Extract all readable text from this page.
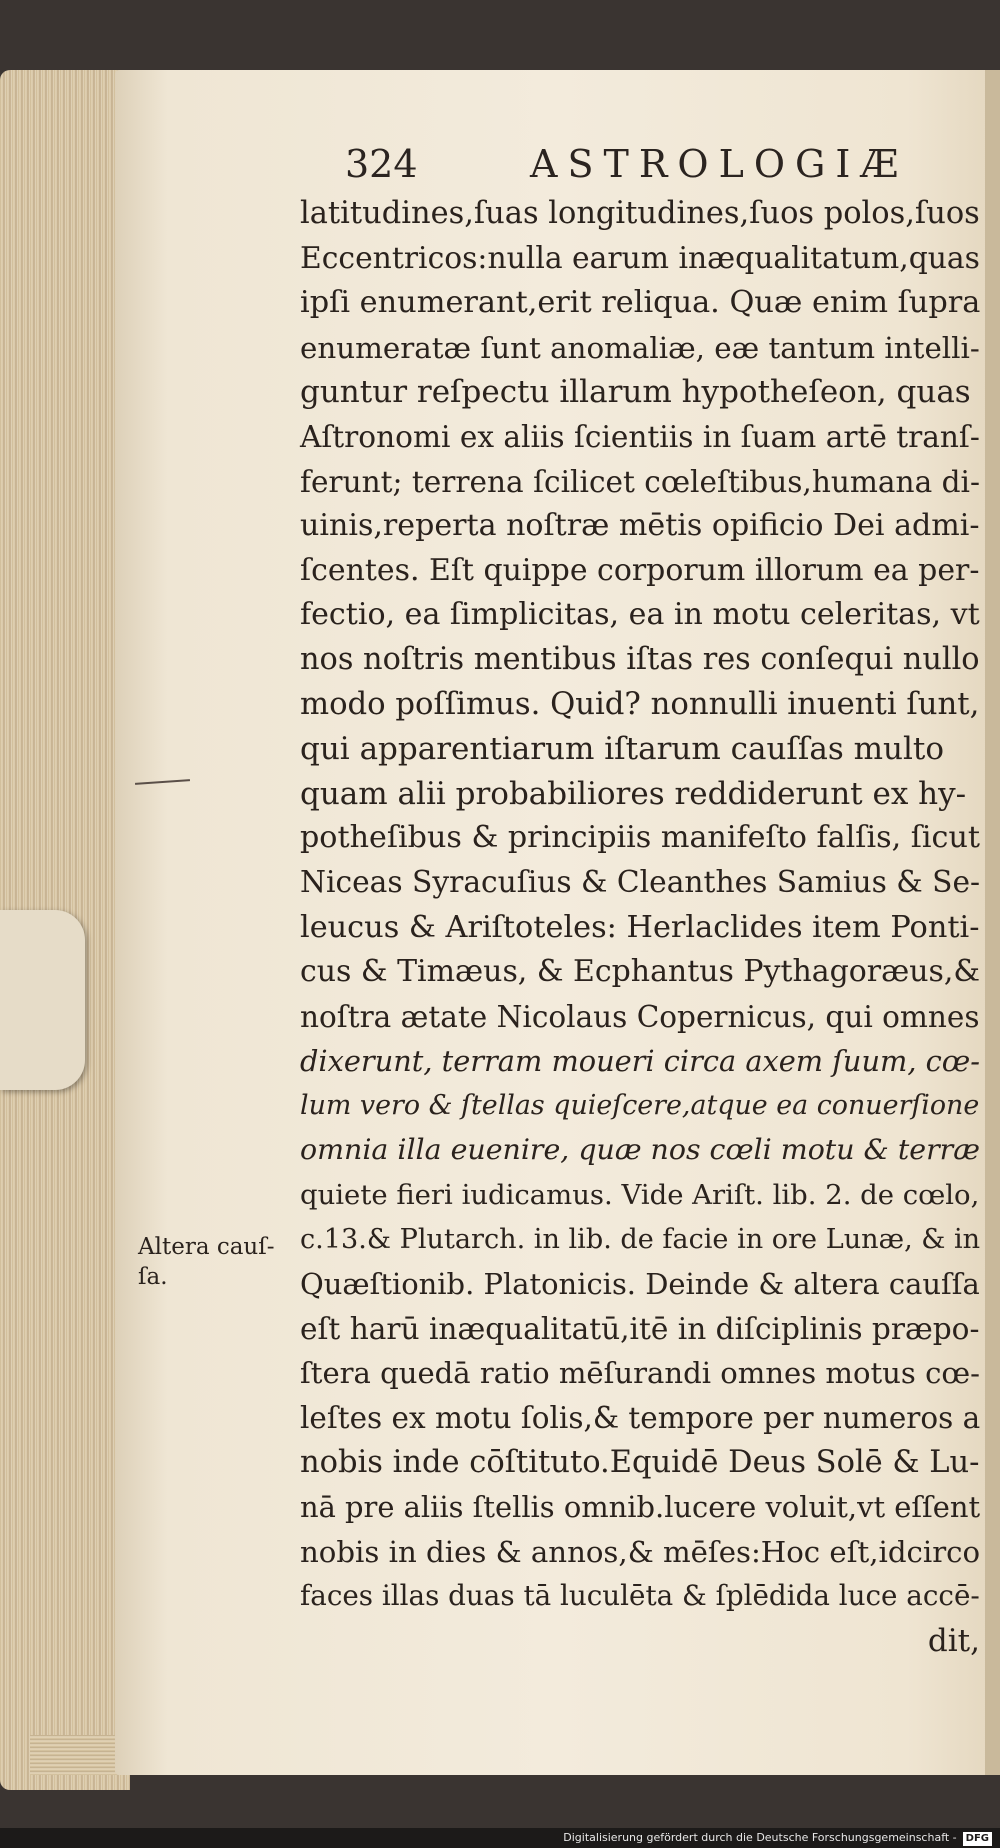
324	ASTROLOGIÆ
latitudines,ſuas longitudines,ſuos polos,ſuos
Eccentricos:nulla earum inæqualitatum,quas
ipſi enumerant,erit reliqua. Quæ enim ſupra
enumeratæ ſunt anomaliæ, eæ tantum intelli-
guntur reſpectu illarum hypotheſeon, quas
Aſtronomi ex aliis ſcientiis in ſuam artē tranſ-
ferunt; terrena ſcilicet cœleſtibus,humana di-
uinis,reperta noſtræ mētis opificio Dei admi-
ſcentes. Eſt quippe corporum illorum ea per-
fectio, ea ſimplicitas, ea in motu celeritas, vt
nos noſtris mentibus iſtas res conſequi nullo
modo poſſimus. Quid? nonnulli inuenti ſunt,
qui apparentiarum iſtarum cauſſas multo
quam alii probabiliores reddiderunt ex hy-
potheſibus & principiis manifeſto falſis, ſicut
Niceas Syracuſius & Cleanthes Samius & Se-
leucus & Ariſtoteles: Herlaclides item Ponti-
cus & Timæus, & Ecphantus Pythagoræus,&
noſtra ætate Nicolaus Copernicus, qui omnes
dixerunt, terram moueri circa axem ſuum, cœ-
lum vero & ſtellas quieſcere,atque ea conuerſione
omnia illa euenire, quæ nos cœli motu & terræ
quiete fieri iudicamus. Vide Ariſt. lib. 2. de cœlo,
c.13.& Plutarch. in lib. de facie in ore Lunæ, & in
Quæſtionib. Platonicis. Deinde & altera cauſſa
eſt harū inæqualitatū,itē in diſciplinis præpo-
ſtera quedā ratio mēſurandi omnes motus cœ-
leſtes ex motu ſolis,& tempore per numeros a
nobis inde cōſtituto.Equidē Deus Solē & Lu-
nā pre aliis ſtellis omnib.lucere voluit,vt eſſent
nobis in dies & annos,& mēſes:Hoc eſt,idcirco
faces illas duas tā luculēta & ſplēdida luce accē-
dit,
Altera cauſ-ſa.
Digitalisierung gefördert durch die Deutsche Forschungsgemeinschaft - DFG
